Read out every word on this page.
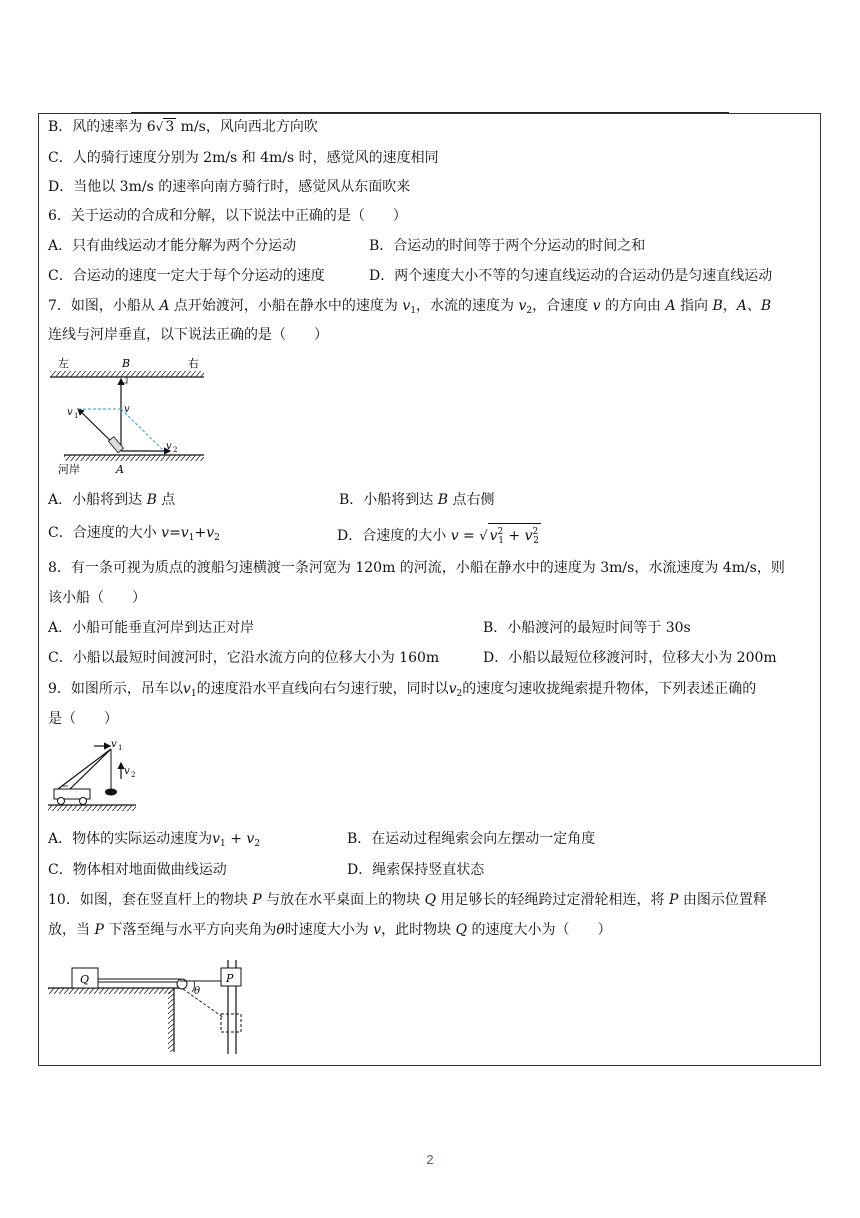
B．风的速率为 6√ 3 m/s，风向西北方向吹
C．人的骑行速度分别为 2m/s 和 4m/s 时，感觉风的速度相同
D．当他以 3m/s 的速率向南方骑行时，感觉风从东面吹来
6．关于运动的合成和分解，以下说法中正确的是（　　）
A．只有曲线运动才能分解为两个分运动	B．合运动的时间等于两个分运动的时间之和
C．合运动的速度一定大于每个分运动的速度	D．两个速度大小不等的匀速直线运动的合运动仍是匀速直线运动
7．如图，小船从 A 点开始渡河，小船在静水中的速度为 $v_1$，水流的速度为 $v_2$，合速度 v 的方向由 A 指向 B，A、B
连线与河岸垂直，以下说法正确的是（　　）
左	B	右
v 1
v
v 2
河岸	A
A．小船将到达 B 点	B．小船将到达 B 点右侧
C．合速度的大小 $v=v_1+v_2$	D．合速度的大小 v = √ $v^2_1 + v^2_2$
8．有一条可视为质点的渡船匀速横渡一条河宽为 120m 的河流，小船在静水中的速度为 3m/s，水流速度为 4m/s，则
该小船（　　）
A．小船可能垂直河岸到达正对岸	B．小船渡河的最短时间等于 30s
C．小船以最短时间渡河时，它沿水流方向的位移大小为 160m	D．小船以最短位移渡河时，位移大小为 200m
9．如图所示，吊车以$v_1$的速度沿水平直线向右匀速行驶，同时以$v_2$的速度匀速收拢绳索提升物体，下列表述正确的
是（　　）
v 1
v 2
A．物体的实际运动速度为$v_1 + v_2$	B．在运动过程绳索会向左摆动一定角度
C．物体相对地面做曲线运动	D．绳索保持竖直状态
10．如图，套在竖直杆上的物块 P 与放在水平桌面上的物块 Q 用足够长的轻绳跨过定滑轮相连，将 P 由图示位置释
放，当 P 下落至绳与水平方向夹角为θ时速度大小为 v，此时物块 Q 的速度大小为（　　）
Q
θ
P
2
